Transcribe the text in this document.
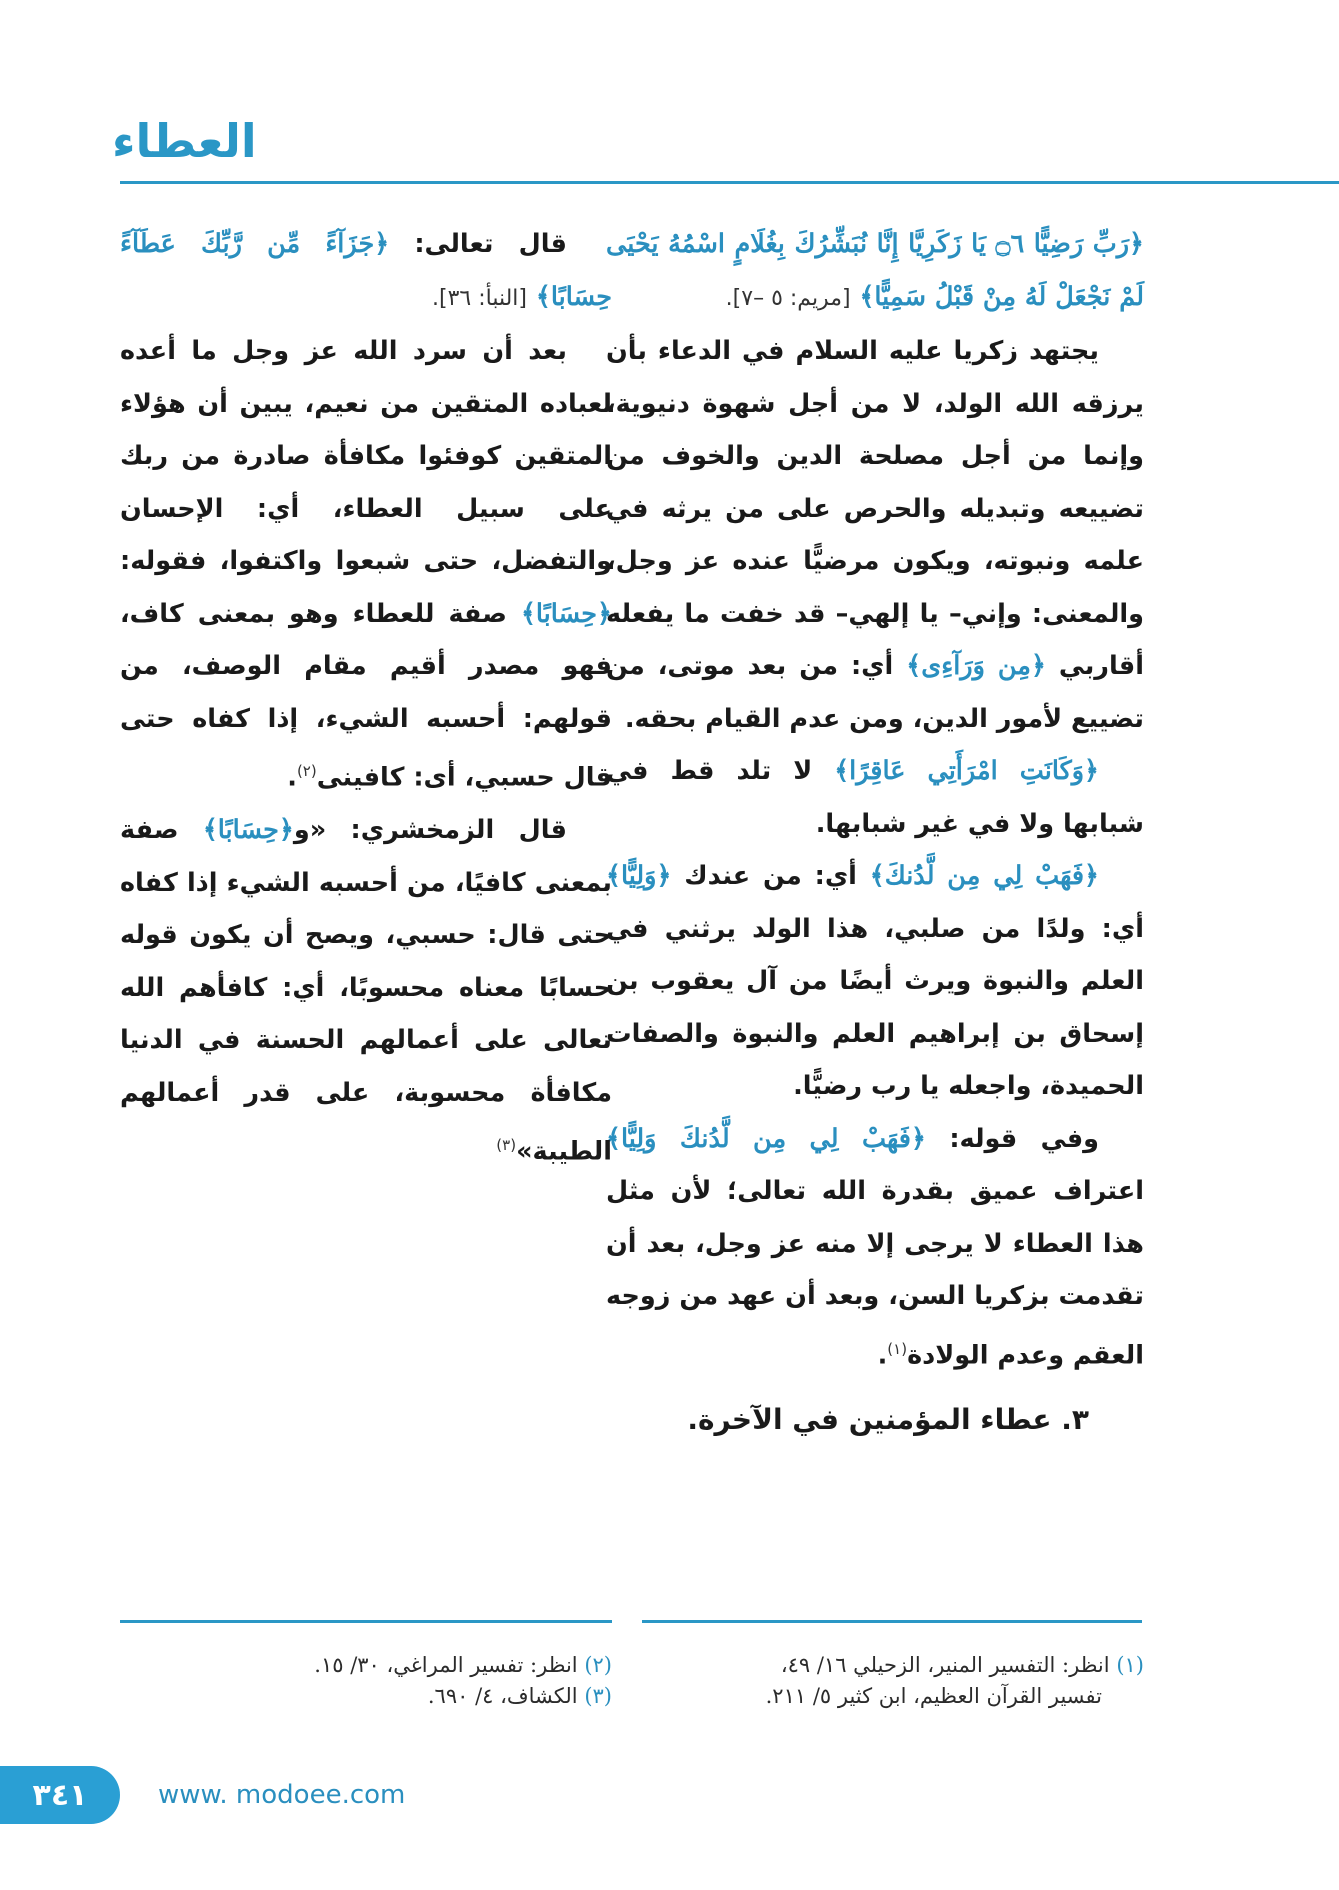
العطاء

﴿رَبِّ رَضِيًّا ۝٦ يَا زَكَرِيَّا إِنَّا نُبَشِّرُكَ بِغُلَامٍ اسْمُهُ يَحْيَى لَمْ نَجْعَلْ لَهُ مِنْ قَبْلُ سَمِيًّا﴾ [مريم: ٥ –٧].

يجتهد زكريا عليه السلام في الدعاء بأن يرزقه الله الولد، لا من أجل شهوة دنيوية، وإنما من أجل مصلحة الدين والخوف من تضييعه وتبديله والحرص على من يرثه في علمه ونبوته، ويكون مرضيًّا عنده عز وجل، والمعنى: وإني– يا إلهي– قد خفت ما يفعله أقاربي ﴿مِن وَرَآءِى﴾ أي: من بعد موتى، من تضييع لأمور الدين، ومن عدم القيام بحقه.

﴿وَكَانَتِ امْرَأَتِي عَاقِرًا﴾ لا تلد قط في شبابها ولا في غير شبابها.

﴿فَهَبْ لِي مِن لَّدُنكَ﴾ أي: من عندك ﴿وَلِيًّا﴾ أي: ولدًا من صلبي، هذا الولد يرثني في العلم والنبوة ويرث أيضًا من آل يعقوب بن إسحاق بن إبراهيم العلم والنبوة والصفات الحميدة، واجعله يا رب رضيًّا.

وفي قوله: ﴿فَهَبْ لِي مِن لَّدُنكَ وَلِيًّا﴾ اعتراف عميق بقدرة الله تعالى؛ لأن مثل هذا العطاء لا يرجى إلا منه عز وجل، بعد أن تقدمت بزكريا السن، وبعد أن عهد من زوجه العقم وعدم الولادة$^{(١)}$.

٣. عطاء المؤمنين في الآخرة.

قال تعالى: ﴿جَزَآءً مِّن رَّبِّكَ عَطَآءً حِسَابًا﴾ [النبأ: ٣٦].

بعد أن سرد الله عز وجل ما أعده لعباده المتقين من نعيم، يبين أن هؤلاء المتقين كوفئوا مكافأة صادرة من ربك على سبيل العطاء، أي: الإحسان والتفضل، حتى شبعوا واكتفوا، فقوله: ﴿حِسَابًا﴾ صفة للعطاء وهو بمعنى كاف، فهو مصدر أقيم مقام الوصف، من قولهم: أحسبه الشيء، إذا كفاه حتى قال حسبي، أى: كافينى$^{(٢)}$.

قال الزمخشري: «و﴿حِسَابًا﴾ صفة بمعنى كافيًا، من أحسبه الشيء إذا كفاه حتى قال: حسبي، ويصح أن يكون قوله حسابًا معناه محسوبًا، أي: كافأهم الله تعالى على أعمالهم الحسنة في الدنيا مكافأة محسوبة، على قدر أعمالهم الطيبة»$^{(٣)}$

(١) انظر: التفسير المنير، الزحيلي ١٦/ ٤٩،

تفسير القرآن العظيم، ابن كثير ٥/ ٢١١.

(٢) انظر: تفسير المراغي، ٣٠/ ١٥.

(٣) الكشاف، ٤/ ٦٩٠.

٣٤١	www. modoee.com
